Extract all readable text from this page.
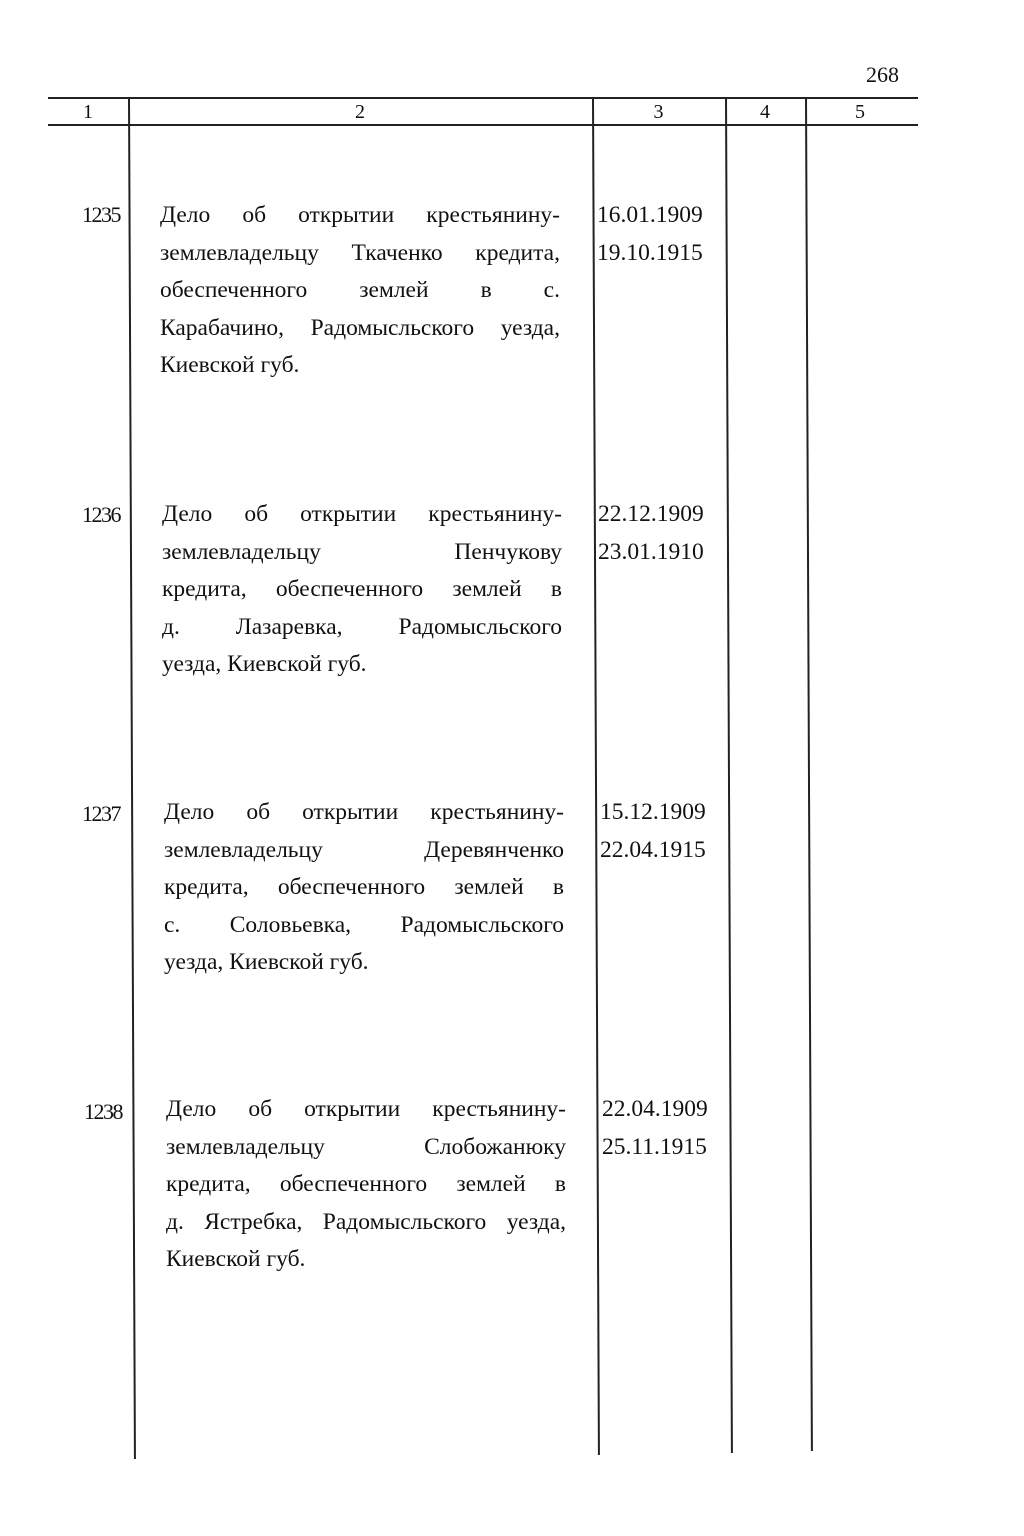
268
1	2	3	4	5
1235 Дело об открытии крестьянину-
землевладельцу Ткаченко кредита,
обеспеченного землей в с.
Карабачино, Радомысльского уезда,
Киевской губ.
16.01.1909
19.10.1915
1236 Дело об открытии крестьянину-
землевладельцу Пенчукову
кредита, обеспеченного землей в
д. Лазаревка, Радомысльского
уезда, Киевской губ.
22.12.1909
23.01.1910
1237 Дело об открытии крестьянину-
землевладельцу Деревянченко
кредита, обеспеченного землей в
с. Соловьевка, Радомысльского
уезда, Киевской губ.
15.12.1909
22.04.1915
1238 Дело об открытии крестьянину-
землевладельцу Слобожанюку
кредита, обеспеченного землей в
д. Ястребка, Радомысльского уезда,
Киевской губ.
22.04.1909
25.11.1915
